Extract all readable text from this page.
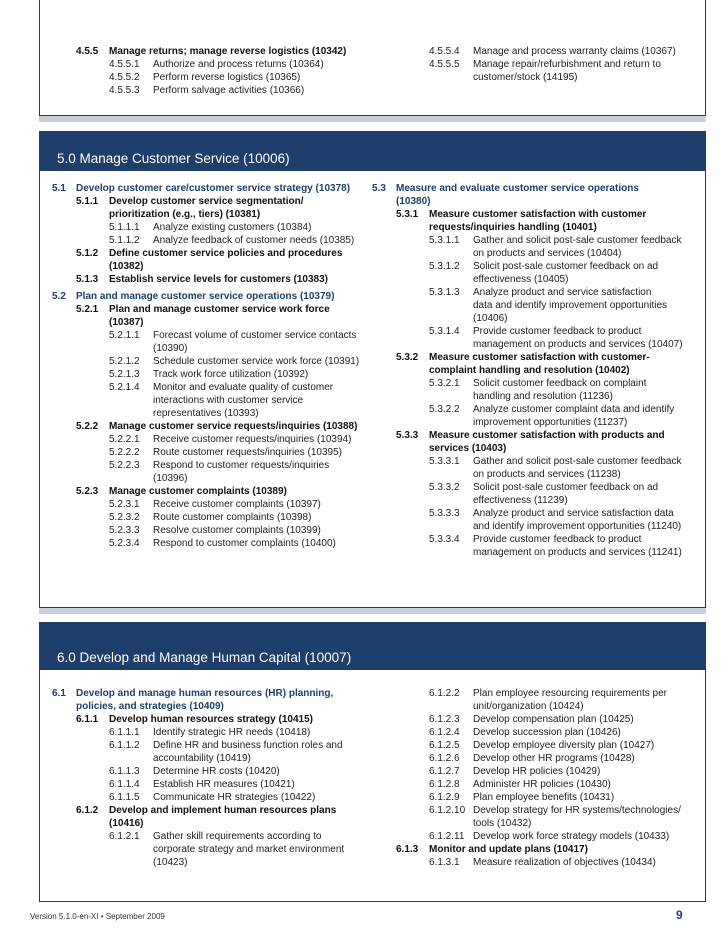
4.5.5 Manage returns; manage reverse logistics (10342)
4.5.5.1 Authorize and process returns (10364)
4.5.5.2 Perform reverse logistics (10365)
4.5.5.3 Perform salvage activities (10366)
4.5.5.4 Manage and process warranty claims (10367)
4.5.5.5 Manage repair/refurbishment and return to
customer/stock (14195)
5.0 Manage Customer Service (10006)
5.1 Develop customer care/customer service strategy (10378)
5.1.1 Develop customer service segmentation/
prioritization (e.g., tiers) (10381)
5.1.1.1 Analyze existing customers (10384)
5.1.1.2 Analyze feedback of customer needs (10385)
5.1.2 Define customer service policies and procedures
(10382)
5.1.3 Establish service levels for customers (10383)
5.2 Plan and manage customer service operations (10379)
5.2.1 Plan and manage customer service work force
(10387)
5.2.1.1 Forecast volume of customer service contacts
(10390)
5.2.1.2 Schedule customer service work force (10391)
5.2.1.3 Track work force utilization (10392)
5.2.1.4 Monitor and evaluate quality of customer
interactions with customer service
representatives (10393)
5.2.2 Manage customer service requests/inquiries (10388)
5.2.2.1 Receive customer requests/inquiries (10394)
5.2.2.2 Route customer requests/inquiries (10395)
5.2.2.3 Respond to customer requests/inquiries
(10396)
5.2.3 Manage customer complaints (10389)
5.2.3.1 Receive customer complaints (10397)
5.2.3.2 Route customer complaints (10398)
5.2.3.3 Resolve customer complaints (10399)
5.2.3.4 Respond to customer complaints (10400)
5.3 Measure and evaluate customer service operations
(10380)
5.3.1 Measure customer satisfaction with customer
requests/inquiries handling (10401)
5.3.1.1 Gather and solicit post-sale customer feedback
on products and services (10404)
5.3.1.2 Solicit post-sale customer feedback on ad
effectiveness (10405)
5.3.1.3 Analyze product and service satisfaction
data and identify improvement opportunities
(10406)
5.3.1.4 Provide customer feedback to product
management on products and services (10407)
5.3.2 Measure customer satisfaction with customer-
complaint handling and resolution (10402)
5.3.2.1 Solicit customer feedback on complaint
handling and resolution (11236)
5.3.2.2 Analyze customer complaint data and identify
improvement opportunities (11237)
5.3.3 Measure customer satisfaction with products and
services (10403)
5.3.3.1 Gather and solicit post-sale customer feedback
on products and services (11238)
5.3.3.2 Solicit post-sale customer feedback on ad
effectiveness (11239)
5.3.3.3 Analyze product and service satisfaction data
and identify improvement opportunities (11240)
5.3.3.4 Provide customer feedback to product
management on products and services (11241)
6.0 Develop and Manage Human Capital (10007)
6.1 Develop and manage human resources (HR) planning,
policies, and strategies (10409)
6.1.1 Develop human resources strategy (10415)
6.1.1.1 Identify strategic HR needs (10418)
6.1.1.2 Define HR and business function roles and
accountability (10419)
6.1.1.3 Determine HR costs (10420)
6.1.1.4 Establish HR measures (10421)
6.1.1.5 Communicate HR strategies (10422)
6.1.2 Develop and implement human resources plans
(10416)
6.1.2.1 Gather skill requirements according to
corporate strategy and market environment
(10423)
6.1.2.2 Plan employee resourcing requirements per
unit/organization (10424)
6.1.2.3 Develop compensation plan (10425)
6.1.2.4 Develop succession plan (10426)
6.1.2.5 Develop employee diversity plan (10427)
6.1.2.6 Develop other HR programs (10428)
6.1.2.7 Develop HR policies (10429)
6.1.2.8 Administer HR policies (10430)
6.1.2.9 Plan employee benefits (10431)
6.1.2.10 Develop strategy for HR systems/technologies/
tools (10432)
6.1.2.11 Develop work force strategy models (10433)
6.1.3 Monitor and update plans (10417)
6.1.3.1 Measure realization of objectives (10434)
Version 5.1.0-en-XI • September 2009	9
